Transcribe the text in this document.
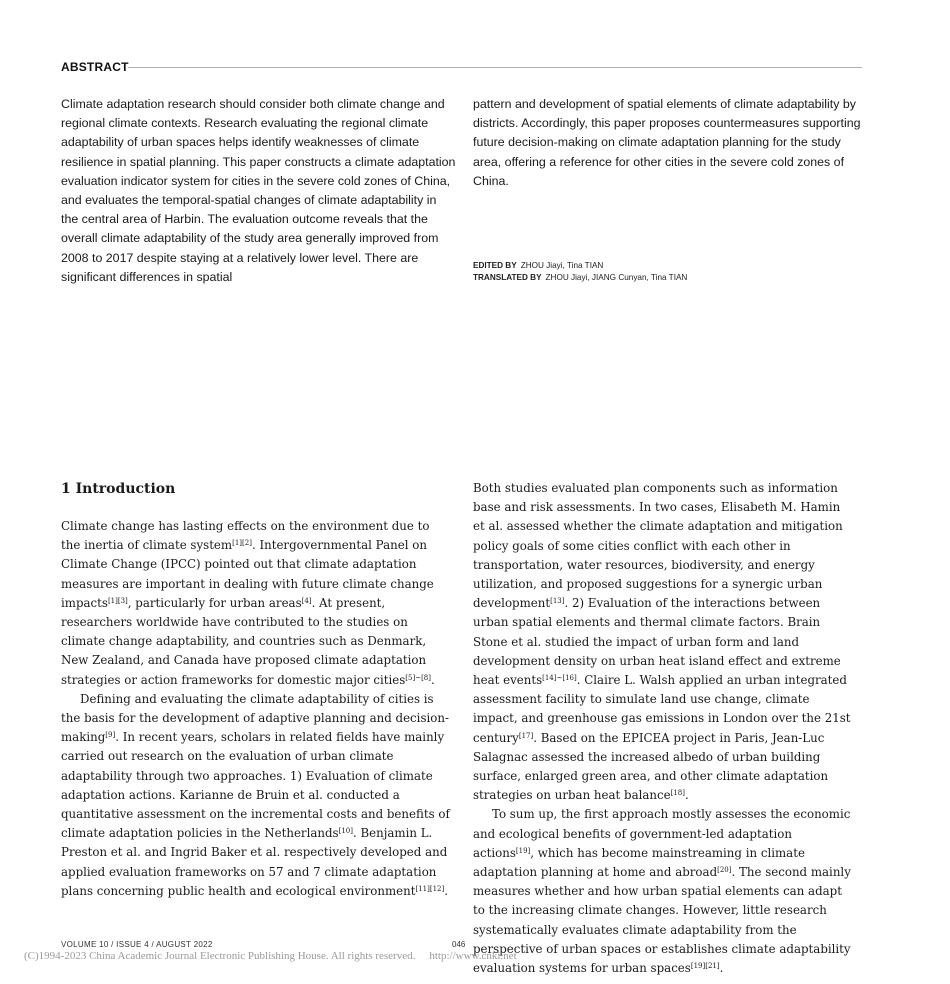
ABSTRACT

Climate adaptation research should consider both climate change and regional climate contexts. Research evaluating the regional climate adaptability of urban spaces helps identify weaknesses of climate resilience in spatial planning. This paper constructs a climate adaptation evaluation indicator system for cities in the severe cold zones of China, and evaluates the temporal-spatial changes of climate adaptability in the central area of Harbin. The evaluation outcome reveals that the overall climate adaptability of the study area generally improved from 2008 to 2017 despite staying at a relatively lower level. There are significant differences in spatial

pattern and development of spatial elements of climate adaptability by districts. Accordingly, this paper proposes countermeasures supporting future decision-making on climate adaptation planning for the study area, offering a reference for other cities in the severe cold zones of China.

EDITED BY ZHOU Jiayi, Tina TIAN
TRANSLATED BY ZHOU Jiayi, JIANG Cunyan, Tina TIAN
1 Introduction

Climate change has lasting effects on the environment due to the inertia of climate system[1][2]. Intergovernmental Panel on Climate Change (IPCC) pointed out that climate adaptation measures are important in dealing with future climate change impacts[1][3], particularly for urban areas[4]. At present, researchers worldwide have contributed to the studies on climate change adaptability, and countries such as Denmark, New Zealand, and Canada have proposed climate adaptation strategies or action frameworks for domestic major cities[5]~[8].

Defining and evaluating the climate adaptability of cities is the basis for the development of adaptive planning and decision-making[9]. In recent years, scholars in related fields have mainly carried out research on the evaluation of urban climate adaptability through two approaches. 1) Evaluation of climate adaptation actions. Karianne de Bruin et al. conducted a quantitative assessment on the incremental costs and benefits of climate adaptation policies in the Netherlands[10]. Benjamin L. Preston et al. and Ingrid Baker et al. respectively developed and applied evaluation frameworks on 57 and 7 climate adaptation plans concerning public health and ecological environment[11][12].

Both studies evaluated plan components such as information base and risk assessments. In two cases, Elisabeth M. Hamin et al. assessed whether the climate adaptation and mitigation policy goals of some cities conflict with each other in transportation, water resources, biodiversity, and energy utilization, and proposed suggestions for a synergic urban development[13]. 2) Evaluation of the interactions between urban spatial elements and thermal climate factors. Brain Stone et al. studied the impact of urban form and land development density on urban heat island effect and extreme heat events[14]~[16]. Claire L. Walsh applied an urban integrated assessment facility to simulate land use change, climate impact, and greenhouse gas emissions in London over the 21st century[17]. Based on the EPICEA project in Paris, Jean-Luc Salagnac assessed the increased albedo of urban building surface, enlarged green area, and other climate adaptation strategies on urban heat balance[18].

To sum up, the first approach mostly assesses the economic and ecological benefits of government-led adaptation actions[19], which has become mainstreaming in climate adaptation planning at home and abroad[20]. The second mainly measures whether and how urban spatial elements can adapt to the increasing climate changes. However, little research systematically evaluates climate adaptability from the perspective of urban spaces or establishes climate adaptability evaluation systems for urban spaces[19][21].

VOLUME 10 / ISSUE 4 / AUGUST 2022	046
(C)1994-2023 China Academic Journal Electronic Publishing House. All rights reserved. http://www.cnki.net
